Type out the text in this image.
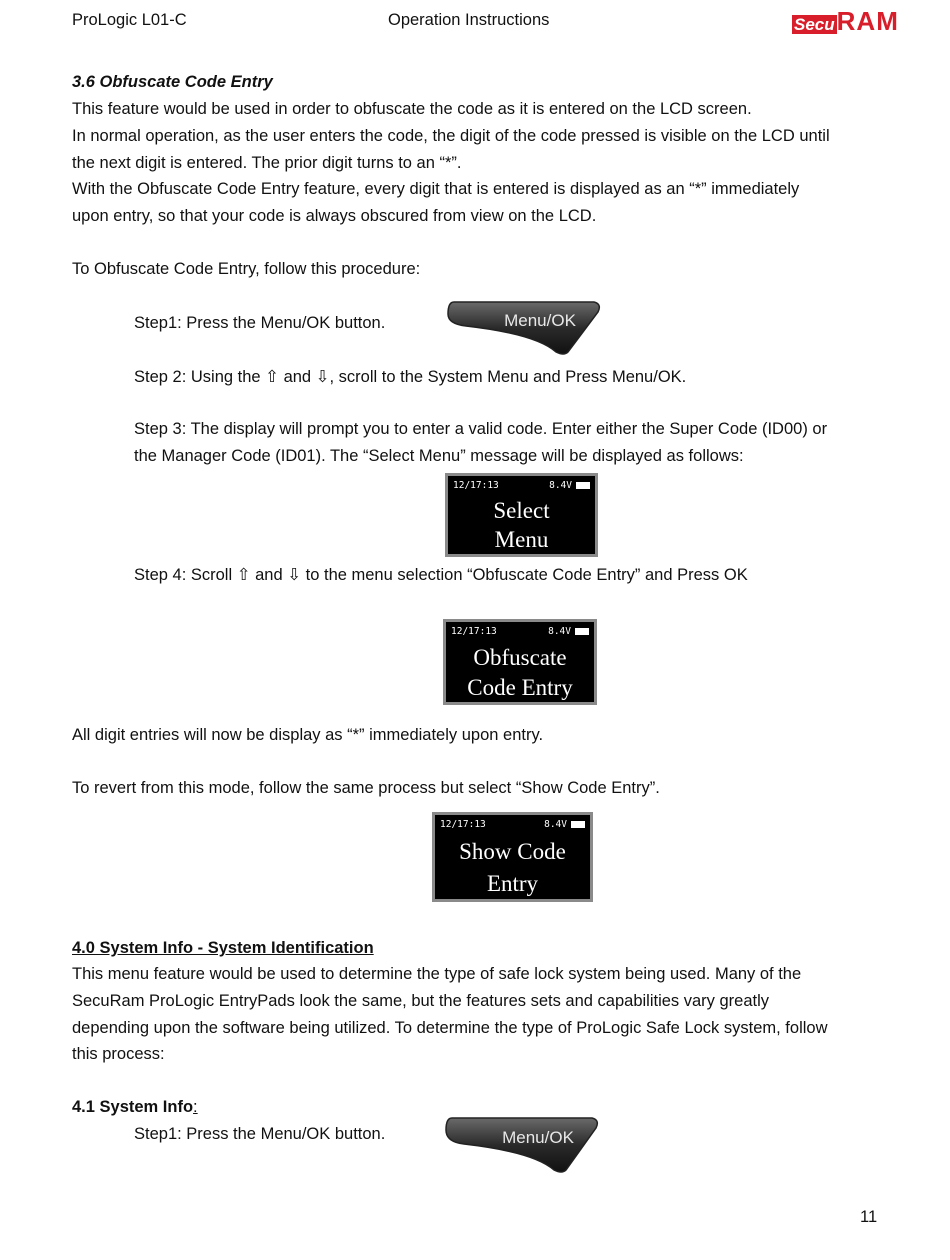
ProLogic L01-C	Operation Instructions	SecuRAM
3.6 Obfuscate Code Entry
This feature would be used in order to obfuscate the code as it is entered on the LCD screen.
In normal operation, as the user enters the code, the digit of the code pressed is visible on the LCD until
the next digit is entered. The prior digit turns to an “*”.
With the Obfuscate Code Entry feature, every digit that is entered is displayed as an “*” immediately
upon entry, so that your code is always obscured from view on the LCD.
To Obfuscate Code Entry, follow this procedure:
Step1: Press the Menu/OK button.	Menu/OK
Step 2: Using the ⇧ and ⇩, scroll to the System Menu and Press Menu/OK.
Step 3: The display will prompt you to enter a valid code. Enter either the Super Code (ID00) or
the Manager Code (ID01). The “Select Menu” message will be displayed as follows:
12/17:13	8.4V
Select
Menu
Step 4: Scroll ⇧ and ⇩ to the menu selection “Obfuscate Code Entry” and Press OK
12/17:13	8.4V
Obfuscate
Code Entry
All digit entries will now be display as “*” immediately upon entry.
To revert from this mode, follow the same process but select “Show Code Entry”.
12/17:13	8.4V
Show Code
Entry
4.0 System Info - System Identification
This menu feature would be used to determine the type of safe lock system being used. Many of the
SecuRam ProLogic EntryPads look the same, but the features sets and capabilities vary greatly
depending upon the software being utilized. To determine the type of ProLogic Safe Lock system, follow
this process:
4.1 System Info:
Step1: Press the Menu/OK button.	Menu/OK
11
